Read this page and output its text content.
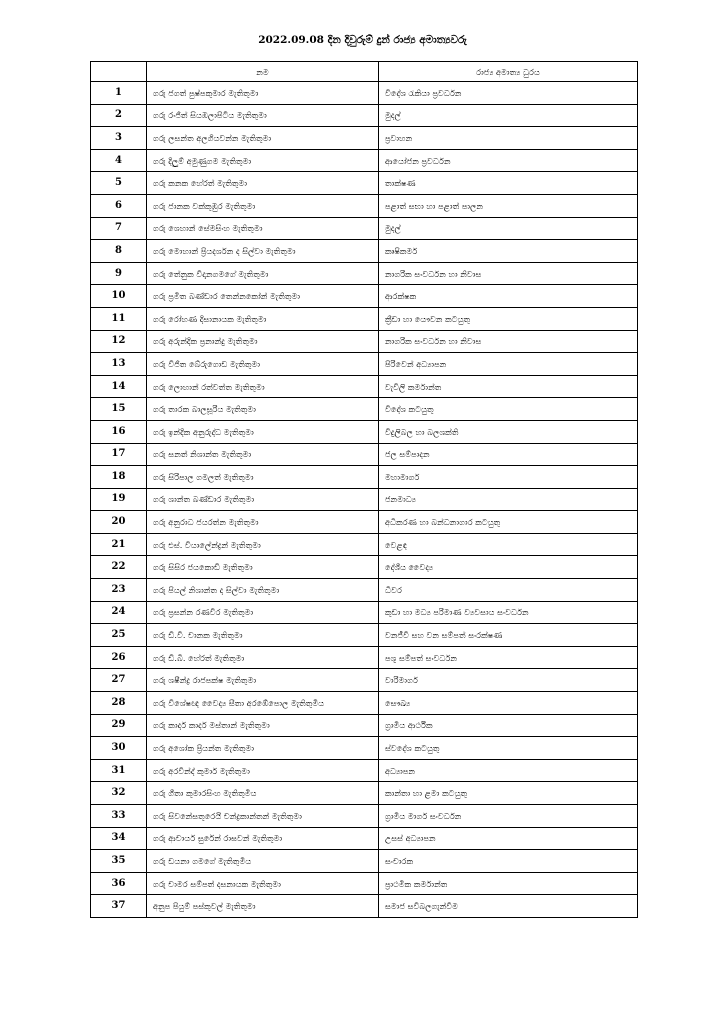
2022.09.08 දින දිවුරුම් දුන් රාජ්‍ය අමාත්‍යවරු
	නම	රාජ්‍ය අමාත්‍ය ධුරය
1	ගරු ජගත් පුෂ්පකුමාර මැතිතුමා	විදේශ රැකියා ප්‍රවර්ධන
2	ගරු රංජිත් සියඹලාපිටිය මැතිතුමා	මුදල්
3	ගරු ලසන්ත අලගියවන්න මැතිතුමා	ප්‍රවාහන
4	ගරු දිලුම් අමුණුගම මැතිතුමා	ආයෝජන ප්‍රවර්ධන
5	ගරු කනක හේරත් මැතිතුමා	තාක්ෂණ
6	ගරු ජානක වක්කුඹුර මැතිතුමා	පළාත් සභා හා පළාත් පාලන
7	ගරු ශෙහාන් සේමසිංහ මැතිතුමා	මුදල්
8	ගරු මොහාන් ප්‍රියදර්ශන ද සිල්වා මැතිතුමා	කෘෂිකර්ම
9	ගරු තේනුක විදානගමගේ මැතිතුමා	නාගරික සංවර්ධන හා නිවාස
10	ගරු ප්‍රමිත බණ්ඩාර තෙන්නකෝන් මැතිතුමා	ආරක්ෂක
11	ගරු රෝහණ දිසානායක මැතිතුමා	ක්‍රීඩා හා යෞවන කටයුතු
12	ගරු අරුන්දික ප්‍රනාන්දු මැතිතුමා	නාගරික සංවර්ධන හා නිවාස
13	ගරු විජිත බේරුගොඩ මැතිතුමා	පිරිවෙන් අධ්‍යාපන
14	ගරු ලොහාන් රත්වත්ත මැතිතුමා	වැවිලි කර්මාන්ත
15	ගරු තාරක බාලසූරිය මැතිතුමා	විදේශ කටයුතු
16	ගරු ඉන්දික අනුරුද්ධ මැතිතුමා	විදුලිබල හා බලශක්ති
17	ගරු සනත් නිශාන්ත මැතිතුමා	ජල සම්පාදන
18	ගරු සිරිපාල ගමලත් මැතිතුමා	මහාමාර්ග
19	ගරු ශාන්ත බණ්ඩාර මැතිතුමා	ජනමාධ්‍ය
20	ගරු අනුරාධ ජයරත්න මැතිතුමා	අධිකරණ හා බන්ධනාගාර කටයුතු
21	ගරු එස්. වියාලේන්ද්‍රන් මැතිතුමා	වෙළඳ
22	ගරු සිසිර ජයකොඩි මැතිතුමා	දේශීය වෛද්‍ය
23	ගරු පියල් නිශාන්ත ද සිල්වා මැතිතුමා	ධීවර
24	ගරු ප්‍රසන්න රණවීර මැතිතුමා	කුඩා හා මධ්‍ය පරිමාණ ව්‍යවසාය සංවර්ධන
25	ගරු ඩී.වී. චානක මැතිතුමා	වනජීවී සහ වන සම්පත් සංරක්ෂණ
26	ගරු ඩී.බී. හේරත් මැතිතුමා	පශු සම්පත් සංවර්ධන
27	ගරු ශෂීන්ද්‍ර රාජපක්ෂ මැතිතුමා	වාරිමාර්ග
28	ගරු විශේෂඥ වෛද්‍ය සීතා අරඹේපොල මැතිතුමිය	සෞඛ්‍ය
29	ගරු කාදර් කාදර් මස්තාන් මැතිතුමා	ග්‍රාමීය ආර්ථික
30	ගරු අශෝක ප්‍රියන්ත මැතිතුමා	ස්වදේශ කටයුතු
31	ගරු අරවින්ද් කුමාර් මැතිතුමා	අධ්‍යාපන
32	ගරු ගීතා කුමාරසිංහ මැතිතුමිය	කාන්තා හා ළමා කටයුතු
33	ගරු සිවනේසතුරෙයි චන්ද්‍රකාන්තන් මැතිතුමා	ග්‍රාමීය මාර්ග සංවර්ධන
34	ගරු ආචාර්ය සුරේන් රාඝවන් මැතිතුමා	උසස් අධ්‍යාපන
35	ගරු ඩයනා ගමගේ මැතිතුමිය	සංචාරක
36	ගරු චාමර සම්පත් දසනායක මැතිතුමා	ප්‍රාථමික කර්මාන්ත
37	අනුප පියුම් පස්කුවල් මැතිතුමා	සමාජ සවිබලගැන්වීම
